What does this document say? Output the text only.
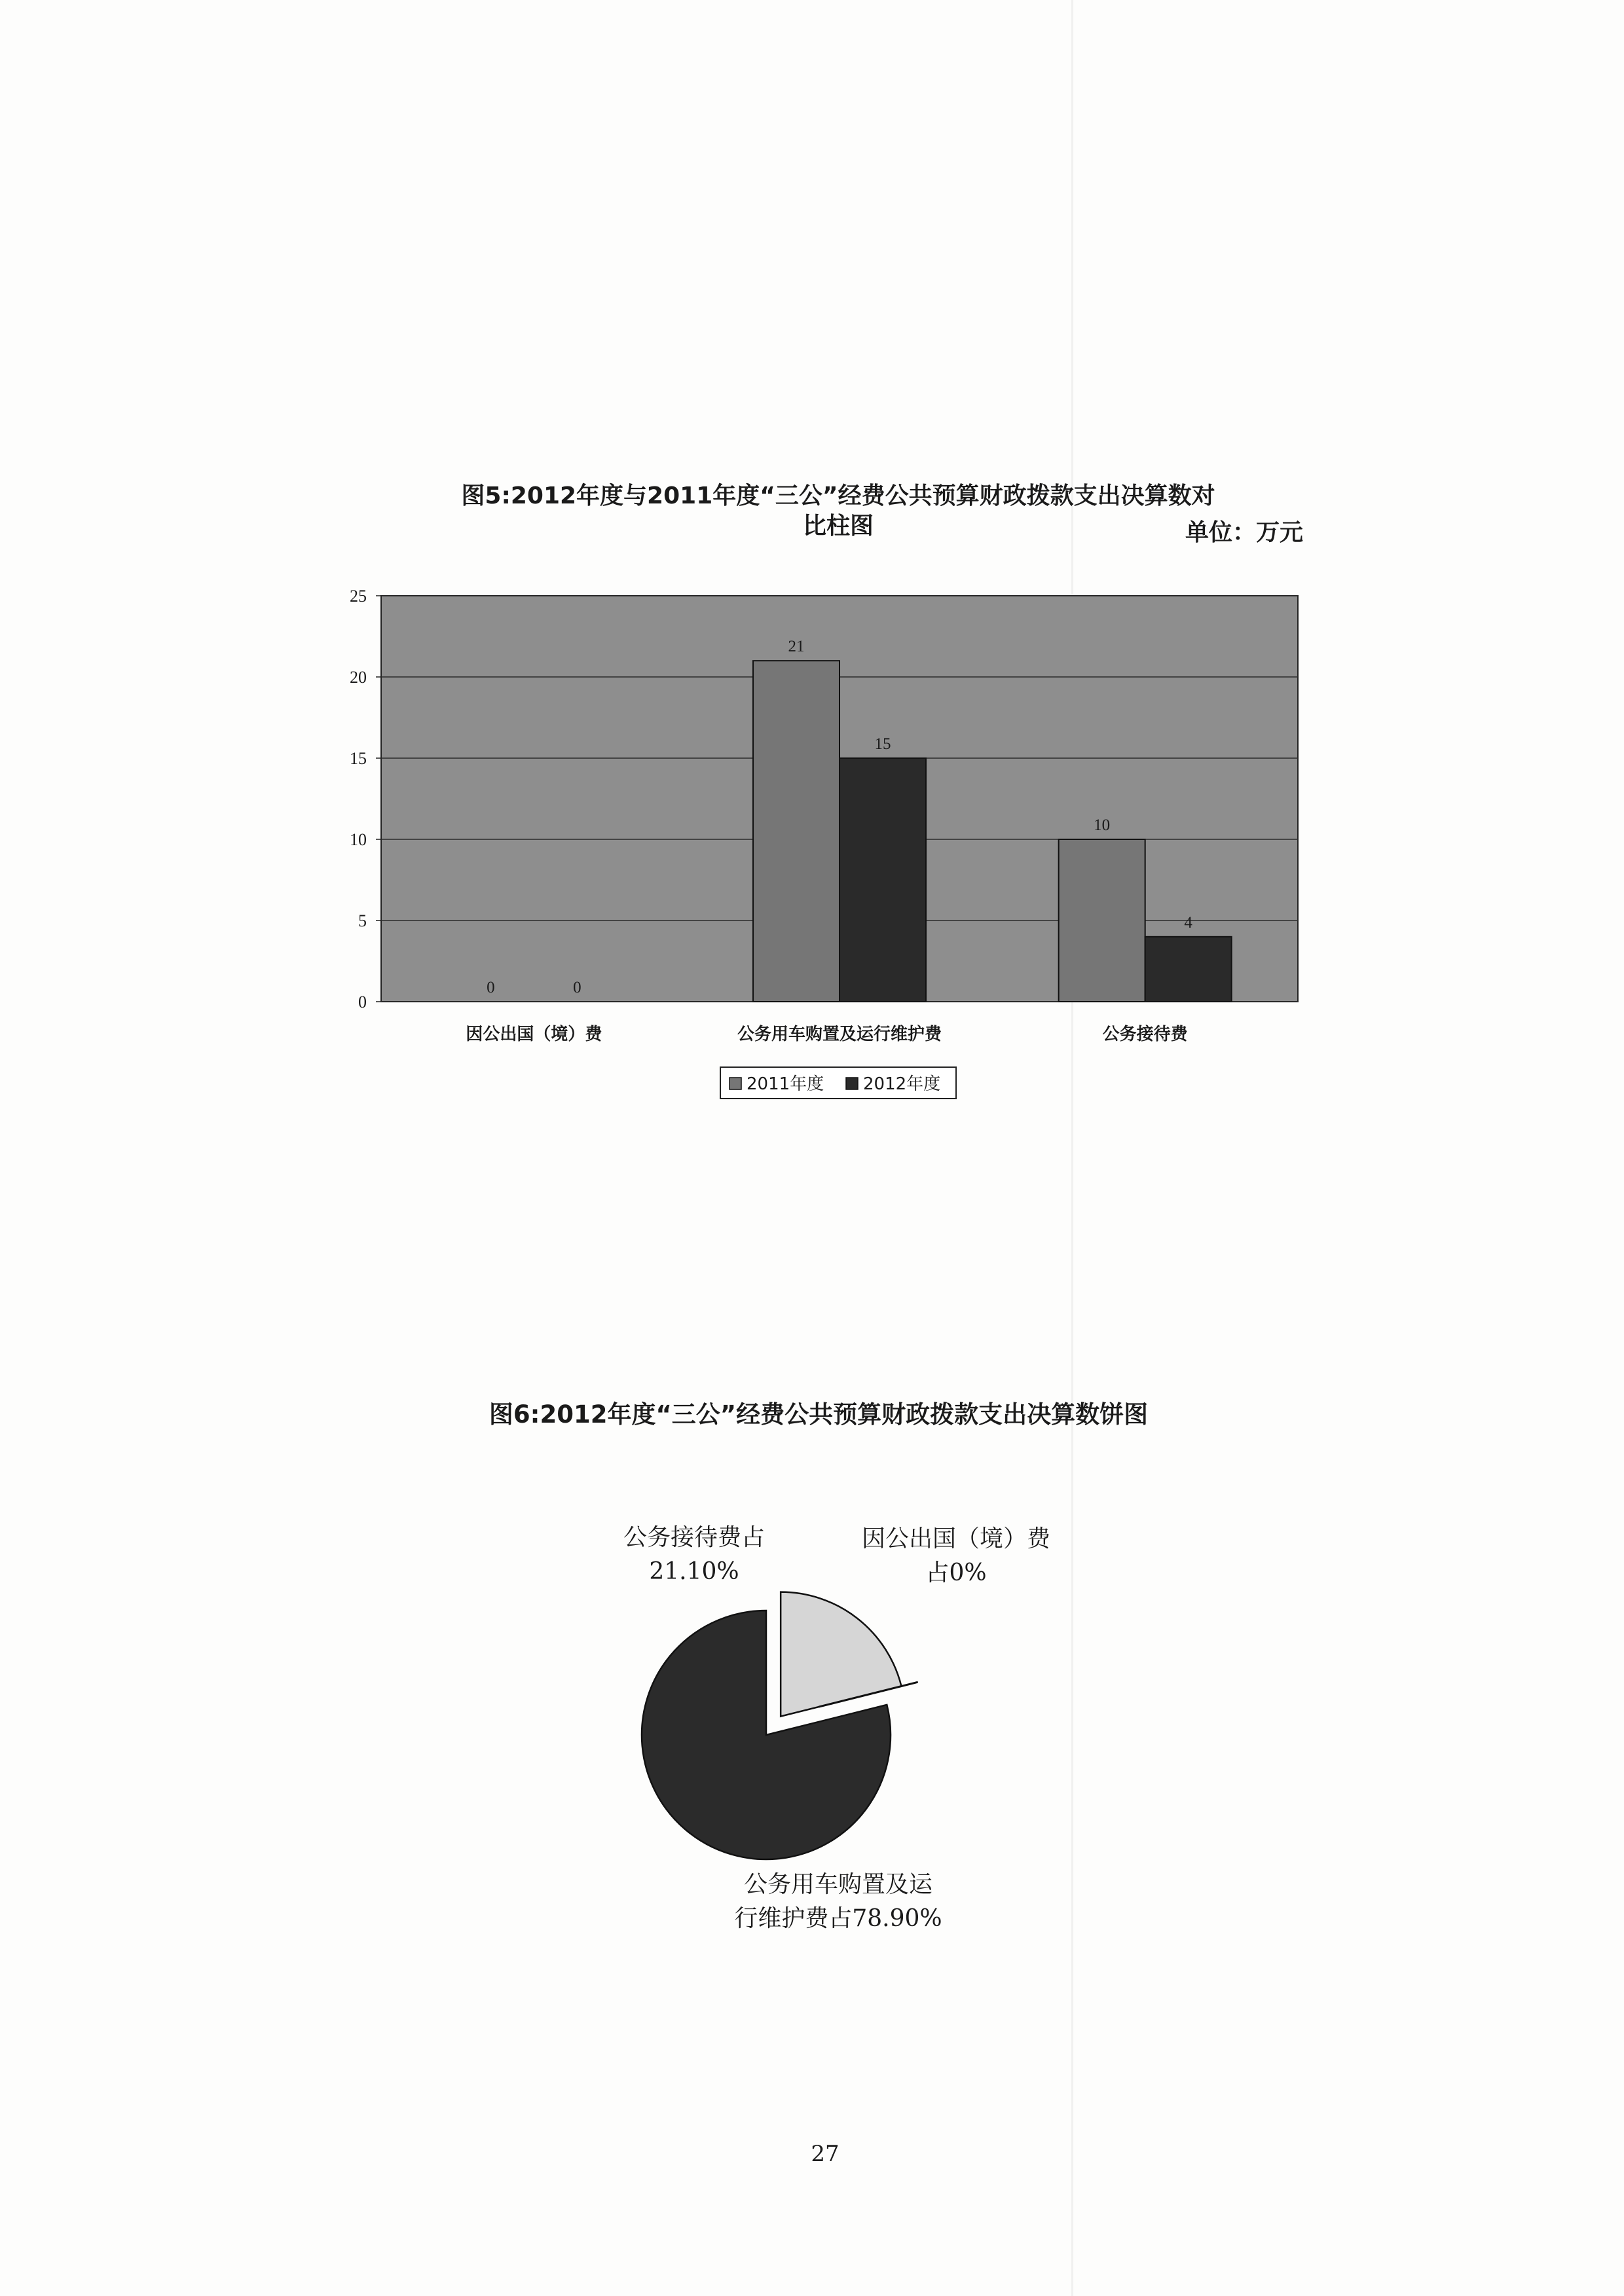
图5:2012年度与2011年度“三公”经费公共预算财政拨款支出决算数对
比柱图	单位：万元
0
5
10
15
20
25
因公出国（境）费	公务用车购置及运行维护费	公务接待费
0
21
10
0
15
4
2011年度 2012年度
图6:2012年度“三公”经费公共预算财政拨款支出决算数饼图
公务接待费占
21.10%
因公出国（境）费
占0%
公务用车购置及运
行维护费占78.90%
27
